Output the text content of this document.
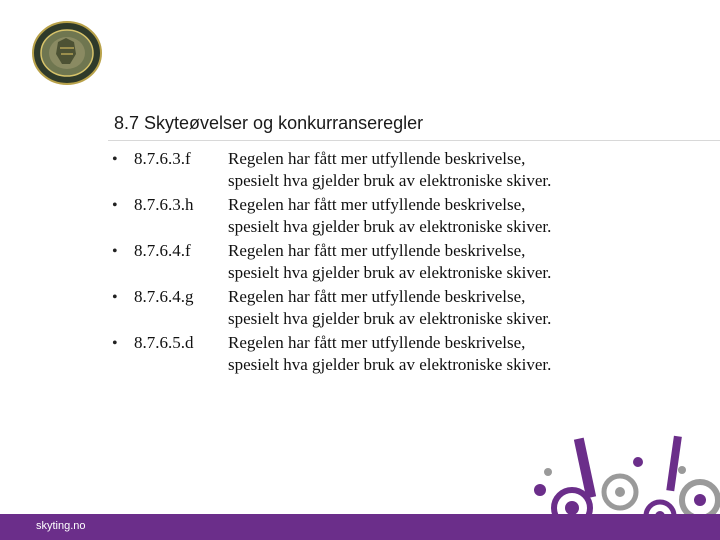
8.7 Skyteøvelser og konkurranseregler
• 8.7.6.3.f	Regelen har fått mer utfyllende beskrivelse,
spesielt hva gjelder bruk av elektroniske skiver.
• 8.7.6.3.h	Regelen har fått mer utfyllende beskrivelse,
spesielt hva gjelder bruk av elektroniske skiver.
• 8.7.6.4.f	Regelen har fått mer utfyllende beskrivelse,
spesielt hva gjelder bruk av elektroniske skiver.
• 8.7.6.4.g	Regelen har fått mer utfyllende beskrivelse,
spesielt hva gjelder bruk av elektroniske skiver.
• 8.7.6.5.d	Regelen har fått mer utfyllende beskrivelse,
spesielt hva gjelder bruk av elektroniske skiver.
skyting.no
